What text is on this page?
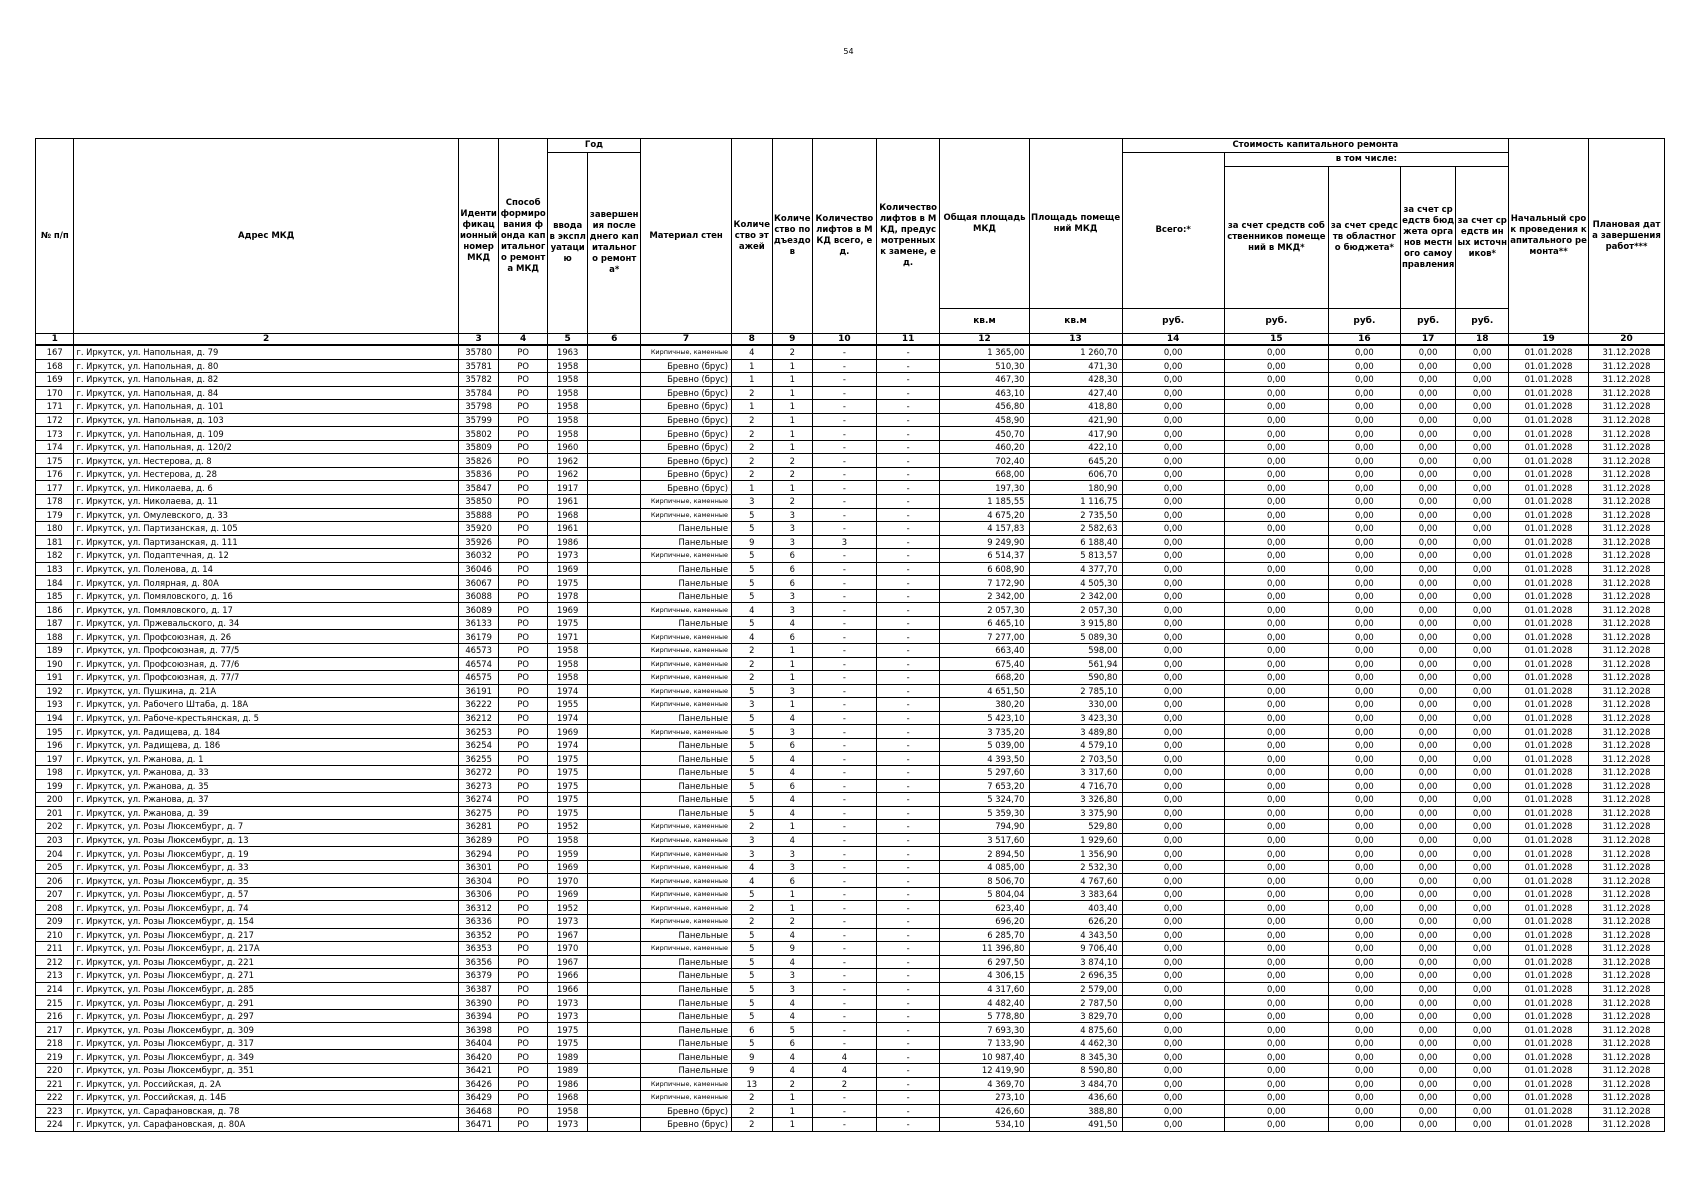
54
№ п/п	Адрес МКД	Идентификационный номер МКД	Способ формирования фонда капитального ремонта МКД	Год		Материал стен	Количество этажей	Количество подъездов	Количество лифтов в МКД всего, ед.	Количество лифтов в МКД, предусмотренных к замене, ед.	Общая площадь МКД	Площадь помещений МКД	Стоимость капитального ремонта					Начальный срок проведения капитального ремонта**	Плановая дата завершения работ***
				ввода в эксплуатацию	завершения последнего капитального ремонта*								Всего:*	в том числе:					
														за счет средств собственников помещений в МКД*	за счет средств областного бюджета*	за счет средств бюджета органов местного самоуправления	за счет средств иных источников*		
											кв.м	кв.м	руб.	руб.	руб.	руб.	руб.		
1	2	3	4	5	6	7	8	9	10	11	12	13	14	15	16	17	18	19	20
167	г. Иркутск, ул. Напольная, д. 79	35780	РО	1963		Кирпичные, каменные	4	2	-	-	1 365,00	1 260,70	0,00	0,00	0,00	0,00	0,00	01.01.2028	31.12.2028
168	г. Иркутск, ул. Напольная, д. 80	35781	РО	1958		Бревно (брус)	1	1	-	-	510,30	471,30	0,00	0,00	0,00	0,00	0,00	01.01.2028	31.12.2028
169	г. Иркутск, ул. Напольная, д. 82	35782	РО	1958		Бревно (брус)	1	1	-	-	467,30	428,30	0,00	0,00	0,00	0,00	0,00	01.01.2028	31.12.2028
170	г. Иркутск, ул. Напольная, д. 84	35784	РО	1958		Бревно (брус)	2	1	-	-	463,10	427,40	0,00	0,00	0,00	0,00	0,00	01.01.2028	31.12.2028
171	г. Иркутск, ул. Напольная, д. 101	35798	РО	1958		Бревно (брус)	1	1	-	-	456,80	418,80	0,00	0,00	0,00	0,00	0,00	01.01.2028	31.12.2028
172	г. Иркутск, ул. Напольная, д. 103	35799	РО	1958		Бревно (брус)	2	1	-	-	458,90	421,90	0,00	0,00	0,00	0,00	0,00	01.01.2028	31.12.2028
173	г. Иркутск, ул. Напольная, д. 109	35802	РО	1958		Бревно (брус)	2	1	-	-	450,70	417,90	0,00	0,00	0,00	0,00	0,00	01.01.2028	31.12.2028
174	г. Иркутск, ул. Напольная, д. 120/2	35809	РО	1960		Бревно (брус)	2	1	-	-	460,20	422,10	0,00	0,00	0,00	0,00	0,00	01.01.2028	31.12.2028
175	г. Иркутск, ул. Нестерова, д. 8	35826	РО	1962		Бревно (брус)	2	2	-	-	702,40	645,20	0,00	0,00	0,00	0,00	0,00	01.01.2028	31.12.2028
176	г. Иркутск, ул. Нестерова, д. 28	35836	РО	1962		Бревно (брус)	2	2	-	-	668,00	606,70	0,00	0,00	0,00	0,00	0,00	01.01.2028	31.12.2028
177	г. Иркутск, ул. Николаева, д. 6	35847	РО	1917		Бревно (брус)	1	1	-	-	197,30	180,90	0,00	0,00	0,00	0,00	0,00	01.01.2028	31.12.2028
178	г. Иркутск, ул. Николаева, д. 11	35850	РО	1961		Кирпичные, каменные	3	2	-	-	1 185,55	1 116,75	0,00	0,00	0,00	0,00	0,00	01.01.2028	31.12.2028
179	г. Иркутск, ул. Омулевского, д. 33	35888	РО	1968		Кирпичные, каменные	5	3	-	-	4 675,20	2 735,50	0,00	0,00	0,00	0,00	0,00	01.01.2028	31.12.2028
180	г. Иркутск, ул. Партизанская, д. 105	35920	РО	1961		Панельные	5	3	-	-	4 157,83	2 582,63	0,00	0,00	0,00	0,00	0,00	01.01.2028	31.12.2028
181	г. Иркутск, ул. Партизанская, д. 111	35926	РО	1986		Панельные	9	3	3	-	9 249,90	6 188,40	0,00	0,00	0,00	0,00	0,00	01.01.2028	31.12.2028
182	г. Иркутск, ул. Подаптечная, д. 12	36032	РО	1973		Кирпичные, каменные	5	6	-	-	6 514,37	5 813,57	0,00	0,00	0,00	0,00	0,00	01.01.2028	31.12.2028
183	г. Иркутск, ул. Поленова, д. 14	36046	РО	1969		Панельные	5	6	-	-	6 608,90	4 377,70	0,00	0,00	0,00	0,00	0,00	01.01.2028	31.12.2028
184	г. Иркутск, ул. Полярная, д. 80А	36067	РО	1975		Панельные	5	6	-	-	7 172,90	4 505,30	0,00	0,00	0,00	0,00	0,00	01.01.2028	31.12.2028
185	г. Иркутск, ул. Помяловского, д. 16	36088	РО	1978		Панельные	5	3	-	-	2 342,00	2 342,00	0,00	0,00	0,00	0,00	0,00	01.01.2028	31.12.2028
186	г. Иркутск, ул. Помяловского, д. 17	36089	РО	1969		Кирпичные, каменные	4	3	-	-	2 057,30	2 057,30	0,00	0,00	0,00	0,00	0,00	01.01.2028	31.12.2028
187	г. Иркутск, ул. Пржевальского, д. 34	36133	РО	1975		Панельные	5	4	-	-	6 465,10	3 915,80	0,00	0,00	0,00	0,00	0,00	01.01.2028	31.12.2028
188	г. Иркутск, ул. Профсоюзная, д. 26	36179	РО	1971		Кирпичные, каменные	4	6	-	-	7 277,00	5 089,30	0,00	0,00	0,00	0,00	0,00	01.01.2028	31.12.2028
189	г. Иркутск, ул. Профсоюзная, д. 77/5	46573	РО	1958		Кирпичные, каменные	2	1	-	-	663,40	598,00	0,00	0,00	0,00	0,00	0,00	01.01.2028	31.12.2028
190	г. Иркутск, ул. Профсоюзная, д. 77/6	46574	РО	1958		Кирпичные, каменные	2	1	-	-	675,40	561,94	0,00	0,00	0,00	0,00	0,00	01.01.2028	31.12.2028
191	г. Иркутск, ул. Профсоюзная, д. 77/7	46575	РО	1958		Кирпичные, каменные	2	1	-	-	668,20	590,80	0,00	0,00	0,00	0,00	0,00	01.01.2028	31.12.2028
192	г. Иркутск, ул. Пушкина, д. 21А	36191	РО	1974		Кирпичные, каменные	5	3	-	-	4 651,50	2 785,10	0,00	0,00	0,00	0,00	0,00	01.01.2028	31.12.2028
193	г. Иркутск, ул. Рабочего Штаба, д. 18А	36222	РО	1955		Кирпичные, каменные	3	1	-	-	380,20	330,00	0,00	0,00	0,00	0,00	0,00	01.01.2028	31.12.2028
194	г. Иркутск, ул. Рабоче-крестьянская, д. 5	36212	РО	1974		Панельные	5	4	-	-	5 423,10	3 423,30	0,00	0,00	0,00	0,00	0,00	01.01.2028	31.12.2028
195	г. Иркутск, ул. Радищева, д. 184	36253	РО	1969		Кирпичные, каменные	5	3	-	-	3 735,20	3 489,80	0,00	0,00	0,00	0,00	0,00	01.01.2028	31.12.2028
196	г. Иркутск, ул. Радищева, д. 186	36254	РО	1974		Панельные	5	6	-	-	5 039,00	4 579,10	0,00	0,00	0,00	0,00	0,00	01.01.2028	31.12.2028
197	г. Иркутск, ул. Ржанова, д. 1	36255	РО	1975		Панельные	5	4	-	-	4 393,50	2 703,50	0,00	0,00	0,00	0,00	0,00	01.01.2028	31.12.2028
198	г. Иркутск, ул. Ржанова, д. 33	36272	РО	1975		Панельные	5	4	-	-	5 297,60	3 317,60	0,00	0,00	0,00	0,00	0,00	01.01.2028	31.12.2028
199	г. Иркутск, ул. Ржанова, д. 35	36273	РО	1975		Панельные	5	6	-	-	7 653,20	4 716,70	0,00	0,00	0,00	0,00	0,00	01.01.2028	31.12.2028
200	г. Иркутск, ул. Ржанова, д. 37	36274	РО	1975		Панельные	5	4	-	-	5 324,70	3 326,80	0,00	0,00	0,00	0,00	0,00	01.01.2028	31.12.2028
201	г. Иркутск, ул. Ржанова, д. 39	36275	РО	1975		Панельные	5	4	-	-	5 359,30	3 375,90	0,00	0,00	0,00	0,00	0,00	01.01.2028	31.12.2028
202	г. Иркутск, ул. Розы Люксембург, д. 7	36281	РО	1952		Кирпичные, каменные	2	1	-	-	794,90	529,80	0,00	0,00	0,00	0,00	0,00	01.01.2028	31.12.2028
203	г. Иркутск, ул. Розы Люксембург, д. 13	36289	РО	1958		Кирпичные, каменные	3	4	-	-	3 517,60	1 929,60	0,00	0,00	0,00	0,00	0,00	01.01.2028	31.12.2028
204	г. Иркутск, ул. Розы Люксембург, д. 19	36294	РО	1959		Кирпичные, каменные	3	3	-	-	2 894,50	1 356,90	0,00	0,00	0,00	0,00	0,00	01.01.2028	31.12.2028
205	г. Иркутск, ул. Розы Люксембург, д. 33	36301	РО	1969		Кирпичные, каменные	4	3	-	-	4 085,00	2 532,30	0,00	0,00	0,00	0,00	0,00	01.01.2028	31.12.2028
206	г. Иркутск, ул. Розы Люксембург, д. 35	36304	РО	1970		Кирпичные, каменные	4	6	-	-	8 506,70	4 767,60	0,00	0,00	0,00	0,00	0,00	01.01.2028	31.12.2028
207	г. Иркутск, ул. Розы Люксембург, д. 57	36306	РО	1969		Кирпичные, каменные	5	1	-	-	5 804,04	3 383,64	0,00	0,00	0,00	0,00	0,00	01.01.2028	31.12.2028
208	г. Иркутск, ул. Розы Люксембург, д. 74	36312	РО	1952		Кирпичные, каменные	2	1	-	-	623,40	403,40	0,00	0,00	0,00	0,00	0,00	01.01.2028	31.12.2028
209	г. Иркутск, ул. Розы Люксембург, д. 154	36336	РО	1973		Кирпичные, каменные	2	2	-	-	696,20	626,20	0,00	0,00	0,00	0,00	0,00	01.01.2028	31.12.2028
210	г. Иркутск, ул. Розы Люксембург, д. 217	36352	РО	1967		Панельные	5	4	-	-	6 285,70	4 343,50	0,00	0,00	0,00	0,00	0,00	01.01.2028	31.12.2028
211	г. Иркутск, ул. Розы Люксембург, д. 217А	36353	РО	1970		Кирпичные, каменные	5	9	-	-	11 396,80	9 706,40	0,00	0,00	0,00	0,00	0,00	01.01.2028	31.12.2028
212	г. Иркутск, ул. Розы Люксембург, д. 221	36356	РО	1967		Панельные	5	4	-	-	6 297,50	3 874,10	0,00	0,00	0,00	0,00	0,00	01.01.2028	31.12.2028
213	г. Иркутск, ул. Розы Люксембург, д. 271	36379	РО	1966		Панельные	5	3	-	-	4 306,15	2 696,35	0,00	0,00	0,00	0,00	0,00	01.01.2028	31.12.2028
214	г. Иркутск, ул. Розы Люксембург, д. 285	36387	РО	1966		Панельные	5	3	-	-	4 317,60	2 579,00	0,00	0,00	0,00	0,00	0,00	01.01.2028	31.12.2028
215	г. Иркутск, ул. Розы Люксембург, д. 291	36390	РО	1973		Панельные	5	4	-	-	4 482,40	2 787,50	0,00	0,00	0,00	0,00	0,00	01.01.2028	31.12.2028
216	г. Иркутск, ул. Розы Люксембург, д. 297	36394	РО	1973		Панельные	5	4	-	-	5 778,80	3 829,70	0,00	0,00	0,00	0,00	0,00	01.01.2028	31.12.2028
217	г. Иркутск, ул. Розы Люксембург, д. 309	36398	РО	1975		Панельные	6	5	-	-	7 693,30	4 875,60	0,00	0,00	0,00	0,00	0,00	01.01.2028	31.12.2028
218	г. Иркутск, ул. Розы Люксембург, д. 317	36404	РО	1975		Панельные	5	6	-	-	7 133,90	4 462,30	0,00	0,00	0,00	0,00	0,00	01.01.2028	31.12.2028
219	г. Иркутск, ул. Розы Люксембург, д. 349	36420	РО	1989		Панельные	9	4	4	-	10 987,40	8 345,30	0,00	0,00	0,00	0,00	0,00	01.01.2028	31.12.2028
220	г. Иркутск, ул. Розы Люксембург, д. 351	36421	РО	1989		Панельные	9	4	4	-	12 419,90	8 590,80	0,00	0,00	0,00	0,00	0,00	01.01.2028	31.12.2028
221	г. Иркутск, ул. Российская, д. 2А	36426	РО	1986		Кирпичные, каменные	13	2	2	-	4 369,70	3 484,70	0,00	0,00	0,00	0,00	0,00	01.01.2028	31.12.2028
222	г. Иркутск, ул. Российская, д. 14Б	36429	РО	1968		Кирпичные, каменные	2	1	-	-	273,10	436,60	0,00	0,00	0,00	0,00	0,00	01.01.2028	31.12.2028
223	г. Иркутск, ул. Сарафановская, д. 78	36468	РО	1958		Бревно (брус)	2	1	-	-	426,60	388,80	0,00	0,00	0,00	0,00	0,00	01.01.2028	31.12.2028
224	г. Иркутск, ул. Сарафановская, д. 80А	36471	РО	1973		Бревно (брус)	2	1	-	-	534,10	491,50	0,00	0,00	0,00	0,00	0,00	01.01.2028	31.12.2028
